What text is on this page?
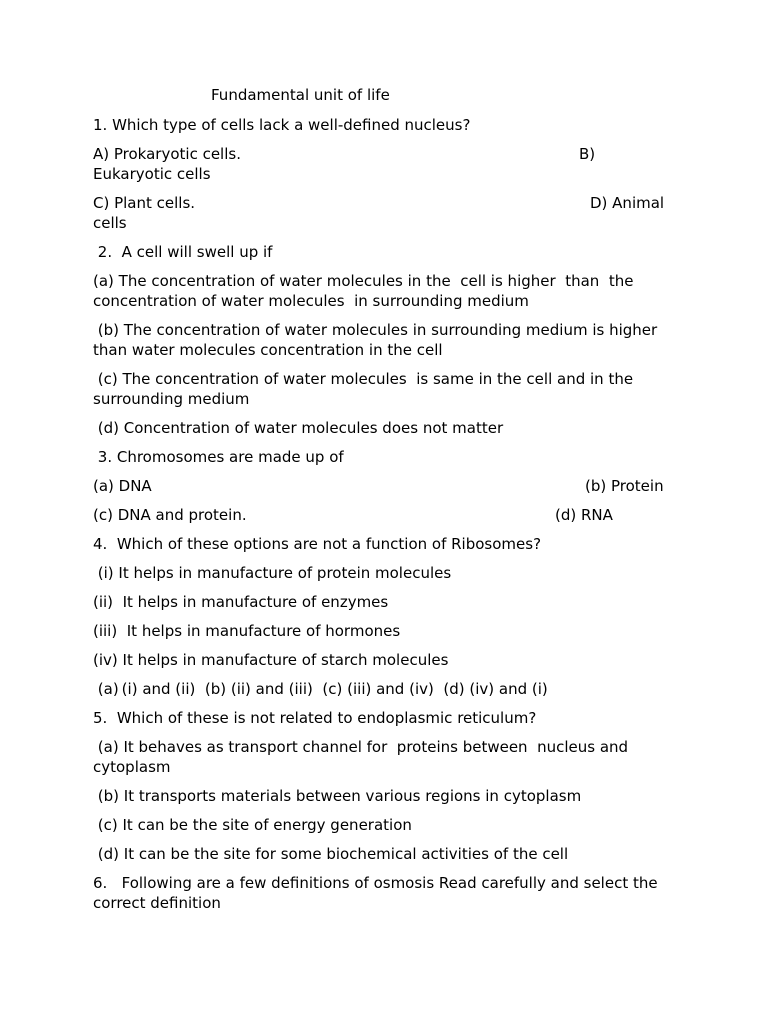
Fundamental unit of life

1. Which type of cells lack a well-defined nucleus?

A) Prokaryotic cells.	B)
Eukaryotic cells
C) Plant cells.	D) Animal
cells

2.  A cell will swell up if

(a) The concentration of water molecules in the  cell is higher  than  the concentration of water molecules  in surrounding medium

(b) The concentration of water molecules in surrounding medium is higher than water molecules concentration in the cell

(c) The concentration of water molecules  is same in the cell and in the surrounding medium

(d) Concentration of water molecules does not matter

3. Chromosomes are made up of

(a) DNA	(b) Protein
(c) DNA and protein.	(d) RNA

4.  Which of these options are not a function of Ribosomes?

(i) It helps in manufacture of protein molecules

(ii)  It helps in manufacture of enzymes

(iii)  It helps in manufacture of hormones

(iv) It helps in manufacture of starch molecules

(a) (i) and (ii)  (b) (ii) and (iii)  (c) (iii) and (iv)  (d) (iv) and (i)

5.  Which of these is not related to endoplasmic reticulum?

(a) It behaves as transport channel for  proteins between  nucleus and cytoplasm

(b) It transports materials between various regions in cytoplasm

(c) It can be the site of energy generation

(d) It can be the site for some biochemical activities of the cell

6.   Following are a few definitions of osmosis Read carefully and select the correct definition
